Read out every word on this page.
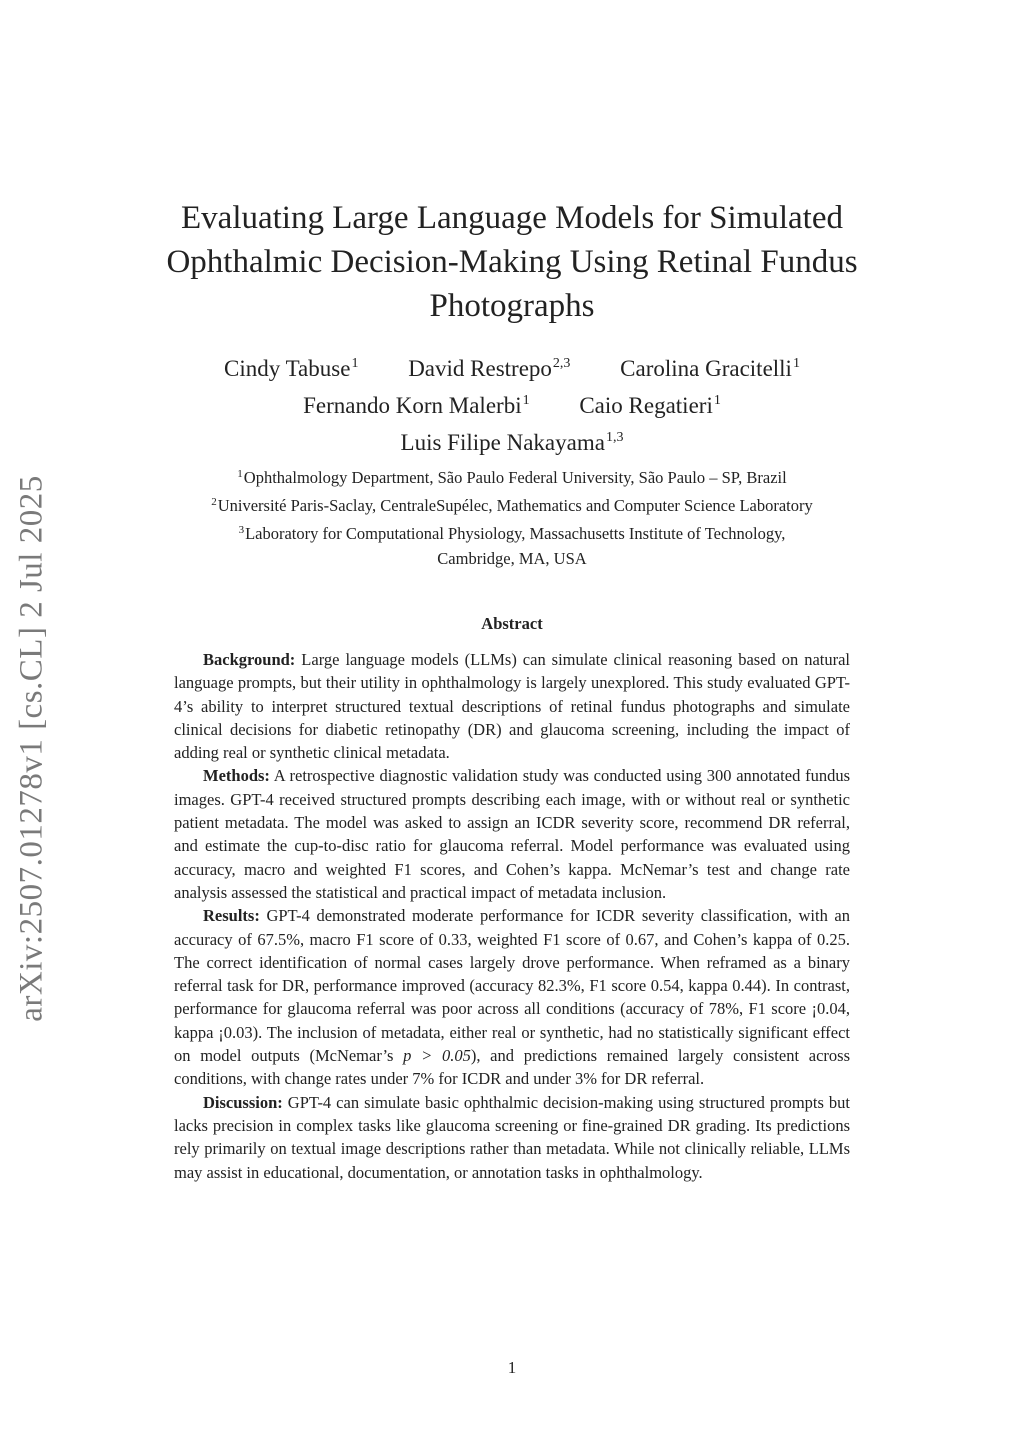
arXiv:2507.01278v1 [cs.CL] 2 Jul 2025
Evaluating Large Language Models for Simulated
Ophthalmic Decision-Making Using Retinal Fundus
Photographs
Cindy Tabuse$^1$ David Restrepo$^{2,3}$ Carolina Gracitelli$^1$
Fernando Korn Malerbi$^1$ Caio Regatieri$^1$
Luis Filipe Nakayama$^{1,3}$
$^1$Ophthalmology Department, São Paulo Federal University, São Paulo – SP, Brazil
$^2$Université Paris-Saclay, CentraleSupélec, Mathematics and Computer Science Laboratory
$^3$Laboratory for Computational Physiology, Massachusetts Institute of Technology,
Cambridge, MA, USA
Abstract

Background: Large language models (LLMs) can simulate clinical reasoning based on natural language prompts, but their utility in ophthalmology is largely unexplored. This study evaluated GPT-4’s ability to interpret structured textual descriptions of retinal fundus photographs and simulate clinical decisions for diabetic retinopathy (DR) and glaucoma screening, including the impact of adding real or synthetic clinical metadata.

Methods: A retrospective diagnostic validation study was conducted using 300 annotated fundus images. GPT-4 received structured prompts describing each image, with or without real or synthetic patient metadata. The model was asked to assign an ICDR severity score, recommend DR referral, and estimate the cup-to-disc ratio for glaucoma referral. Model performance was evaluated using accuracy, macro and weighted F1 scores, and Cohen’s kappa. McNemar’s test and change rate analysis assessed the statistical and practical impact of metadata inclusion.

Results: GPT-4 demonstrated moderate performance for ICDR severity classification, with an accuracy of 67.5%, macro F1 score of 0.33, weighted F1 score of 0.67, and Cohen’s kappa of 0.25. The correct identification of normal cases largely drove performance. When reframed as a binary referral task for DR, performance improved (accuracy 82.3%, F1 score 0.54, kappa 0.44). In contrast, performance for glaucoma referral was poor across all conditions (accuracy of 78%, F1 score ¡0.04, kappa ¡0.03). The inclusion of metadata, either real or synthetic, had no statistically significant effect on model outputs (McNemar’s p > 0.05), and predictions remained largely consistent across conditions, with change rates under 7% for ICDR and under 3% for DR referral.

Discussion: GPT-4 can simulate basic ophthalmic decision-making using structured prompts but lacks precision in complex tasks like glaucoma screening or fine-grained DR grading. Its predictions rely primarily on textual image descriptions rather than metadata. While not clinically reliable, LLMs may assist in educational, documentation, or annotation tasks in ophthalmology.

1
